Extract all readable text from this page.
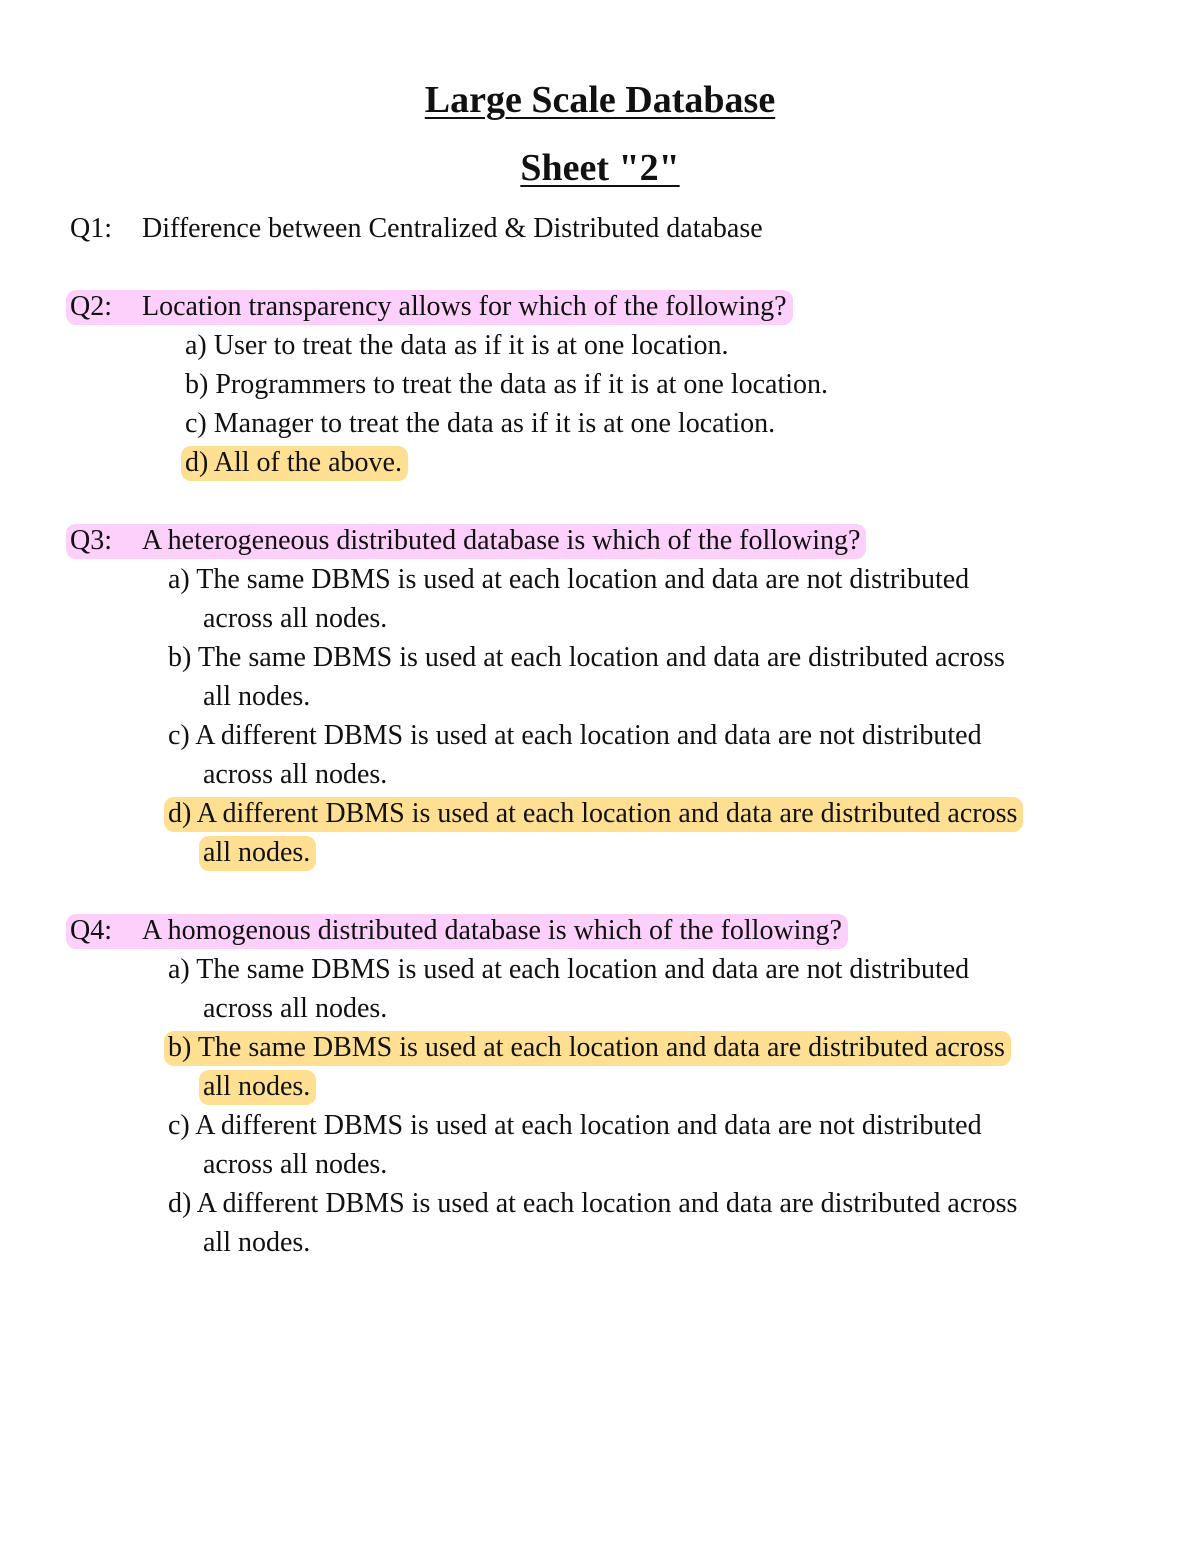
Large Scale Database
Sheet "2"
Q1: Difference between Centralized & Distributed database
Q2: Location transparency allows for which of the following?
a) User to treat the data as if it is at one location.
b) Programmers to treat the data as if it is at one location.
c) Manager to treat the data as if it is at one location.
d) All of the above.
Q3: A heterogeneous distributed database is which of the following?
a) The same DBMS is used at each location and data are not distributed
across all nodes.
b) The same DBMS is used at each location and data are distributed across
all nodes.
c) A different DBMS is used at each location and data are not distributed
across all nodes.
d) A different DBMS is used at each location and data are distributed across
all nodes.
Q4: A homogenous distributed database is which of the following?
a) The same DBMS is used at each location and data are not distributed
across all nodes.
b) The same DBMS is used at each location and data are distributed across
all nodes.
c) A different DBMS is used at each location and data are not distributed
across all nodes.
d) A different DBMS is used at each location and data are distributed across
all nodes.
